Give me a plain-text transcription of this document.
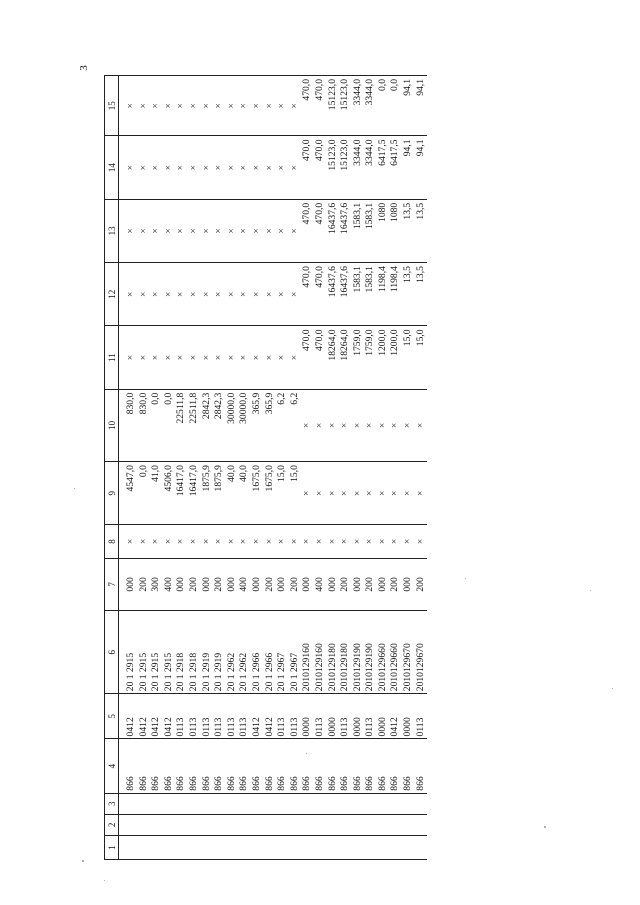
3
1	2	3	4	5	6	7	8	9	10	11	12	13	14	15

			866	0412	20 1 2915	000	×	4547,0	830,0	×	×	×	×	×
			866	0412	20 1 2915	200	×	0,0	830,0	×	×	×	×	×
			866	0412	20 1 2915	300	×	41,0	0,0	×	×	×	×	×
			866	0412	20 1 2915	400	×	4506,0	0,0	×	×	×	×	×
			866	0113	20 1 2918	000	×	16417,0	22511,8	×	×	×	×	×
			866	0113	20 1 2918	200	×	16417,0	22511,8	×	×	×	×	×
			866	0113	20 1 2919	000	×	1875,9	2842,3	×	×	×	×	×
			866	0113	20 1 2919	200	×	1875,9	2842,3	×	×	×	×	×
			866	0113	20 1 2962	000	×	40,0	30000,0	×	×	×	×	×
			866	0113	20 1 2962	400	×	40,0	30000,0	×	×	×	×	×
			866	0412	20 1 2966	000	×	1675,0	365,9	×	×	×	×	×
			866	0412	20 1 2966	200	×	1675,0	365,9	×	×	×	×	×
			866	0113	20 1 2967	000	×	15,0	6,2	×	×	×	×	×
			866	0113	20 1 2967	200	×	15,0	6,2	×	×	×	×	×
			866	0000	2010129160	000	×	×	×	470,0	470,0	470,0	470,0	470,0
			866	0113	2010129160	400	×	×	×	470,0	470,0	470,0	470,0	470,0
			866	0000	2010129180	000	×	×	×	18264,0	16437,6	16437,6	15123,0	15123,0
			866	0113	2010129180	200	×	×	×	18264,0	16437,6	16437,6	15123,0	15123,0
			866	0000	2010129190	000	×	×	×	1759,0	1583,1	1583,1	3344,0	3344,0
			866	0113	2010129190	200	×	×	×	1759,0	1583,1	1583,1	3344,0	3344,0
			866	0000	2010129660	000	×	×	×	1200,0	1198,4	1080	6417,5	0,0
			866	0412	2010129660	200	×	×	×	1200,0	1198,4	1080	6417,5	0,0
			866	0000	2010129670	000	×	×	×	15,0	13,5	13,5	94,1	94,1
			866	0113	2010129670	200	×	×	×	15,0	13,5	13,5	94,1	94,1
